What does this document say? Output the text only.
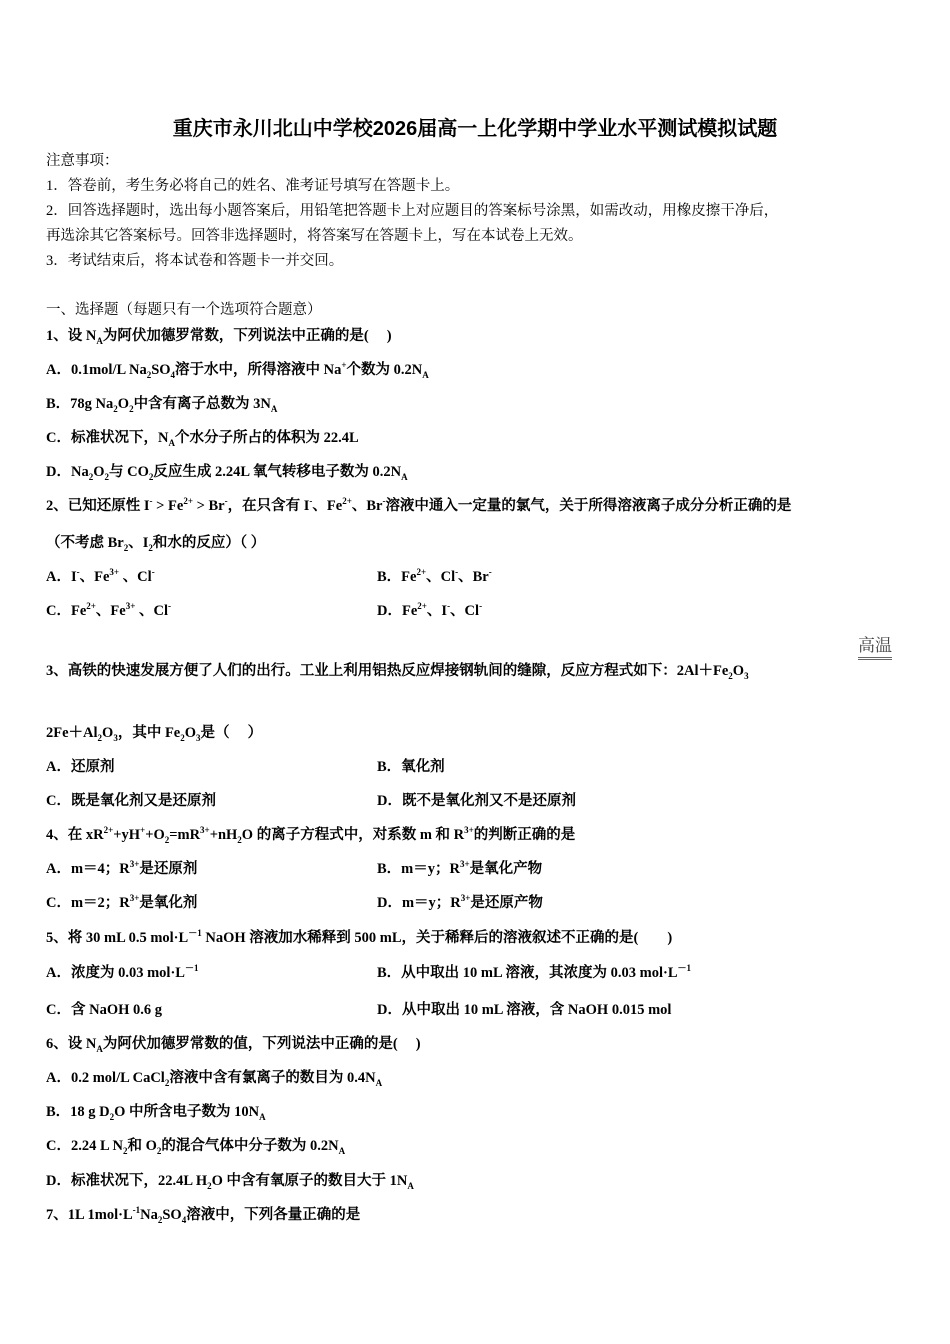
重庆市永川北山中学校2026届高一上化学期中学业水平测试模拟试题
注意事项：
1．答卷前，考生务必将自己的姓名、准考证号填写在答题卡上。
2．回答选择题时，选出每小题答案后，用铅笔把答题卡上对应题目的答案标号涂黑，如需改动，用橡皮擦干净后，
再选涂其它答案标号。回答非选择题时，将答案写在答题卡上，写在本试卷上无效。
3．考试结束后，将本试卷和答题卡一并交回。
一、选择题（每题只有一个选项符合题意）
1、设 $N_A$为阿伏加德罗常数，下列说法中正确的是(　 )
A．0.1mol/L $Na_2SO_4$溶于水中，所得溶液中 Na+个数为 $0.2N_A$
B．78g $Na_2O_2$中含有离子总数为 $3N_A$
C．标准状况下，$N_A$个水分子所占的体积为 22.4L
D．$Na_2O_2$与 $CO_2$反应生成 2.24L 氧气转移电子数为 $0.2N_A$
2、已知还原性 $I^- > Fe^{2+} > Br^-$，在只含有 I-、$Fe^{2+}$、Br-溶液中通入一定量的氯气，关于所得溶液离子成分分析正确的是
（不考虑 $Br_2$、$I_2$和水的反应）（ ）
A．I-、$Fe^{3+}$ 、Cl-	B．$Fe^{2+}$、Cl-、Br-
C．$Fe^{2+}$、$Fe^{3+}$ 、Cl-	D．$Fe^{2+}$、I-、Cl-
3、高铁的快速发展方便了人们的出行。工业上利用铝热反应焊接钢轨间的缝隙，反应方程式如下：$2Al+Fe_2O_3$
$2Fe+Al_2O_3$，其中 $Fe_2O_3$是（　 ）
A．还原剂	B．氧化剂
C．既是氧化剂又是还原剂	D．既不是氧化剂又不是还原剂
4、在 $xR^{2+}+yH^++O_2=mR^{3+}+nH_2O$ 的离子方程式中，对系数 m 和 $R^{3+}$的判断正确的是
A．m＝4；$R^{3+}$是还原剂	B．m＝y；$R^{3+}$是氧化产物
C．m＝2；$R^{3+}$是氧化剂	D．m＝y；$R^{3+}$是还原产物
5、将 30 mL 0.5 $mol\cdot L^{-1}$ NaOH 溶液加水稀释到 500 mL，关于稀释后的溶液叙述不正确的是(　　)
A．浓度为 0.03 $mol\cdot L^{-1}$	B．从中取出 10 mL 溶液，其浓度为 0.03 $mol\cdot L^{-1}$
C．含 NaOH 0.6 g	D．从中取出 10 mL 溶液，含 NaOH 0.015 mol
6、设 $N_A$为阿伏加德罗常数的值，下列说法中正确的是(　 )
A．0.2 mol/L CaCl$_2$溶液中含有氯离子的数目为 $0.4N_A$
B．18 g $D_2O$ 中所含电子数为 $10N_A$
C．2.24 L $N_2$和 $O_2$的混合气体中分子数为 $0.2N_A$
D．标准状况下，22.4L $H_2O$ 中含有氧原子的数目大于 $1N_A$
7、1L $1mol\cdot L^{-1}Na_2SO_4$溶液中，下列各量正确的是
高温
